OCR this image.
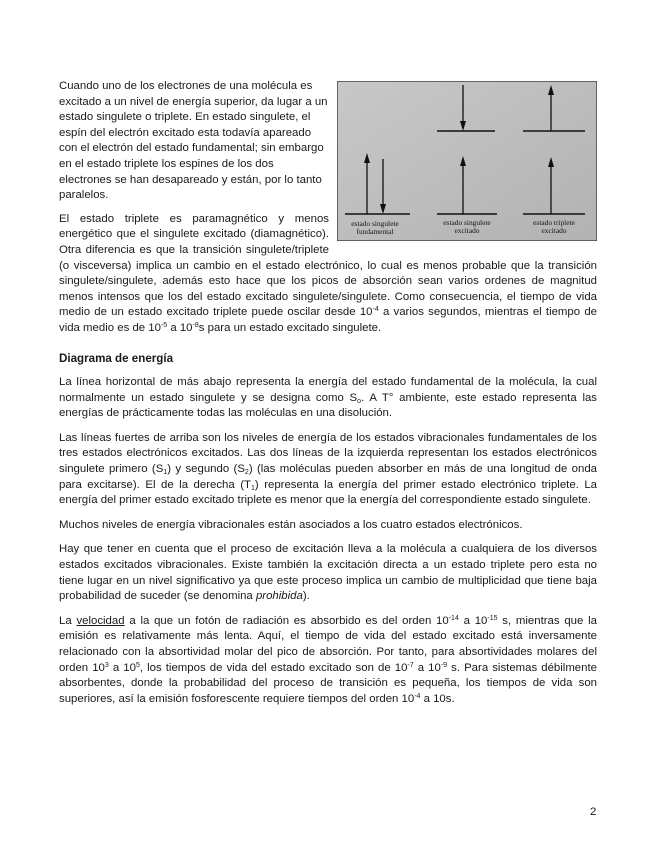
estado singulete
fundamental
estado singulete
excitado
estado triplete
excitado

Cuando uno de los electrones de una molécula es excitado a un nivel de energía superior, da lugar a un estado singulete o triplete. En estado singulete, el espín del electrón excitado esta todavía apareado con el electrón del estado fundamental; sin embargo en el estado triplete los espines de los dos electrones se han desapareado y están, por lo tanto paralelos.

El estado triplete es paramagnético y menos energético que el singulete excitado (diamagnético). Otra diferencia es que la transición singulete/triplete (o visceversa) implica un cambio en el estado electrónico, lo cual es menos probable que la transición singulete/singulete, además esto hace que los picos de absorción sean varios ordenes de magnitud menos intensos que los del estado excitado singulete/singulete. Como consecuencia, el tiempo de vida medio de un estado excitado triplete puede oscilar desde $10^{-4}$ a varios segundos, mientras el tiempo de vida medio es de $10^{-5}$ a $10^{-8}s$ para un estado excitado singulete.

Diagrama de energía

La línea horizontal de más abajo representa la energía del estado fundamental de la molécula, la cual normalmente un estado singulete y se designa como $S_o$. A T° ambiente, este estado representa las energías de prácticamente todas las moléculas en una disolución.

Las líneas fuertes de arriba son los niveles de energía de los estados vibracionales fundamentales de los tres estados electrónicos excitados. Las dos líneas de la izquierda representan los estados electrónicos singulete primero $(S_1)$ y segundo $(S_2)$ (las moléculas pueden absorber en más de una longitud de onda para excitarse). El de la derecha $(T_1)$ representa la energía del primer estado electrónico triplete. La energía del primer estado excitado triplete es menor que la energía del correspondiente estado singulete.

Muchos niveles de energía vibracionales están asociados a los cuatro estados electrónicos.

Hay que tener en cuenta que el proceso de excitación lleva a la molécula a cualquiera de los diversos estados excitados vibracionales. Existe también la excitación directa a un estado triplete pero esta no tiene lugar en un nivel significativo ya que este proceso implica un cambio de multiplicidad que tiene baja probabilidad de suceder (se denomina prohibida).

La velocidad a la que un fotón de radiación es absorbido es del orden $10^{-14}$ a $10^{-15}$ s, mientras que la emisión es relativamente más lenta. Aquí, el tiempo de vida del estado excitado está inversamente relacionado con la absortividad molar del pico de absorción. Por tanto, para absortividades molares del orden $10^3$ a $10^5$, los tiempos de vida del estado excitado son de $10^{-7}$ a $10^{-9}$ s. Para sistemas débilmente absorbentes, donde la probabilidad del proceso de transición es pequeña, los tiempos de vida son superiores, así la emisión fosforescente requiere tiempos del orden $10^{-4}$ a 10s.

2
